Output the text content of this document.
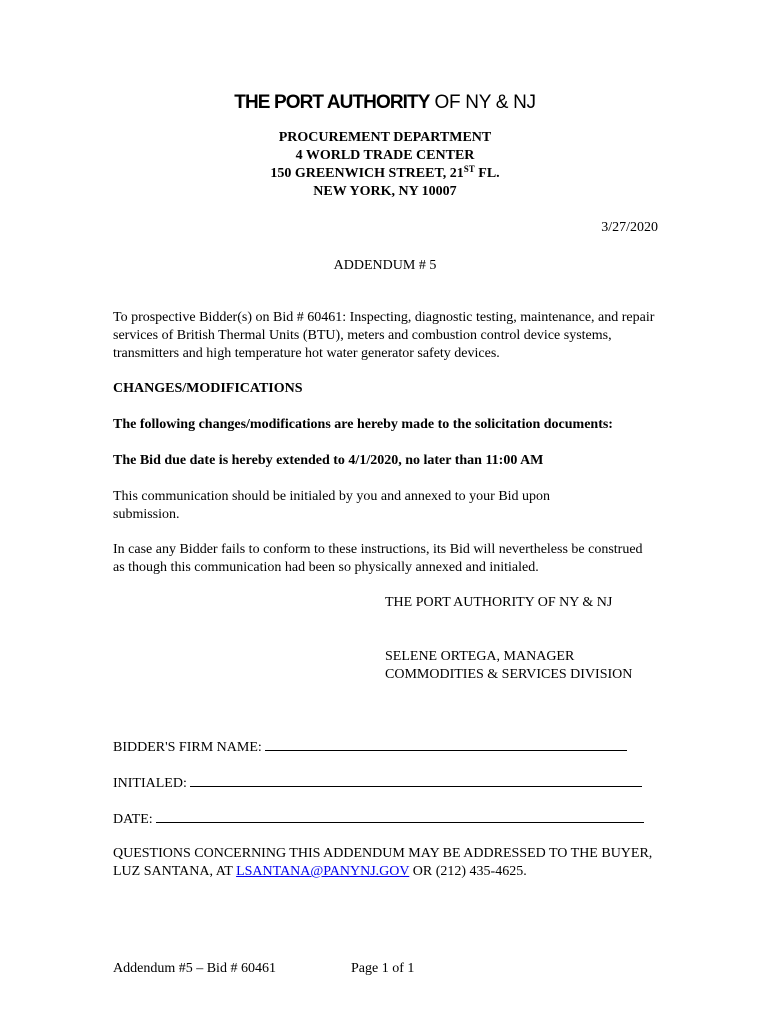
THE PORT AUTHORITY OF NY & NJ
PROCUREMENT DEPARTMENT
4 WORLD TRADE CENTER
150 GREENWICH STREET, 21ST FL.
NEW YORK, NY 10007
3/27/2020
ADDENDUM # 5
To prospective Bidder(s) on Bid # 60461: Inspecting, diagnostic testing, maintenance, and repair services of British Thermal Units (BTU), meters and combustion control device systems, transmitters and high temperature hot water generator safety devices.
CHANGES/MODIFICATIONS
The following changes/modifications are hereby made to the solicitation documents:
The Bid due date is hereby extended to 4/1/2020, no later than 11:00 AM
This communication should be initialed by you and annexed to your Bid upon submission.
In case any Bidder fails to conform to these instructions, its Bid will nevertheless be construed as though this communication had been so physically annexed and initialed.
THE PORT AUTHORITY OF NY & NJ
SELENE ORTEGA, MANAGER
COMMODITIES & SERVICES DIVISION
BIDDER'S FIRM NAME:
INITIALED:
DATE:
QUESTIONS CONCERNING THIS ADDENDUM MAY BE ADDRESSED TO THE BUYER, LUZ SANTANA, AT LSANTANA@PANYNJ.GOV OR (212) 435-4625.
Addendum #5 – Bid # 60461	Page 1 of 1
